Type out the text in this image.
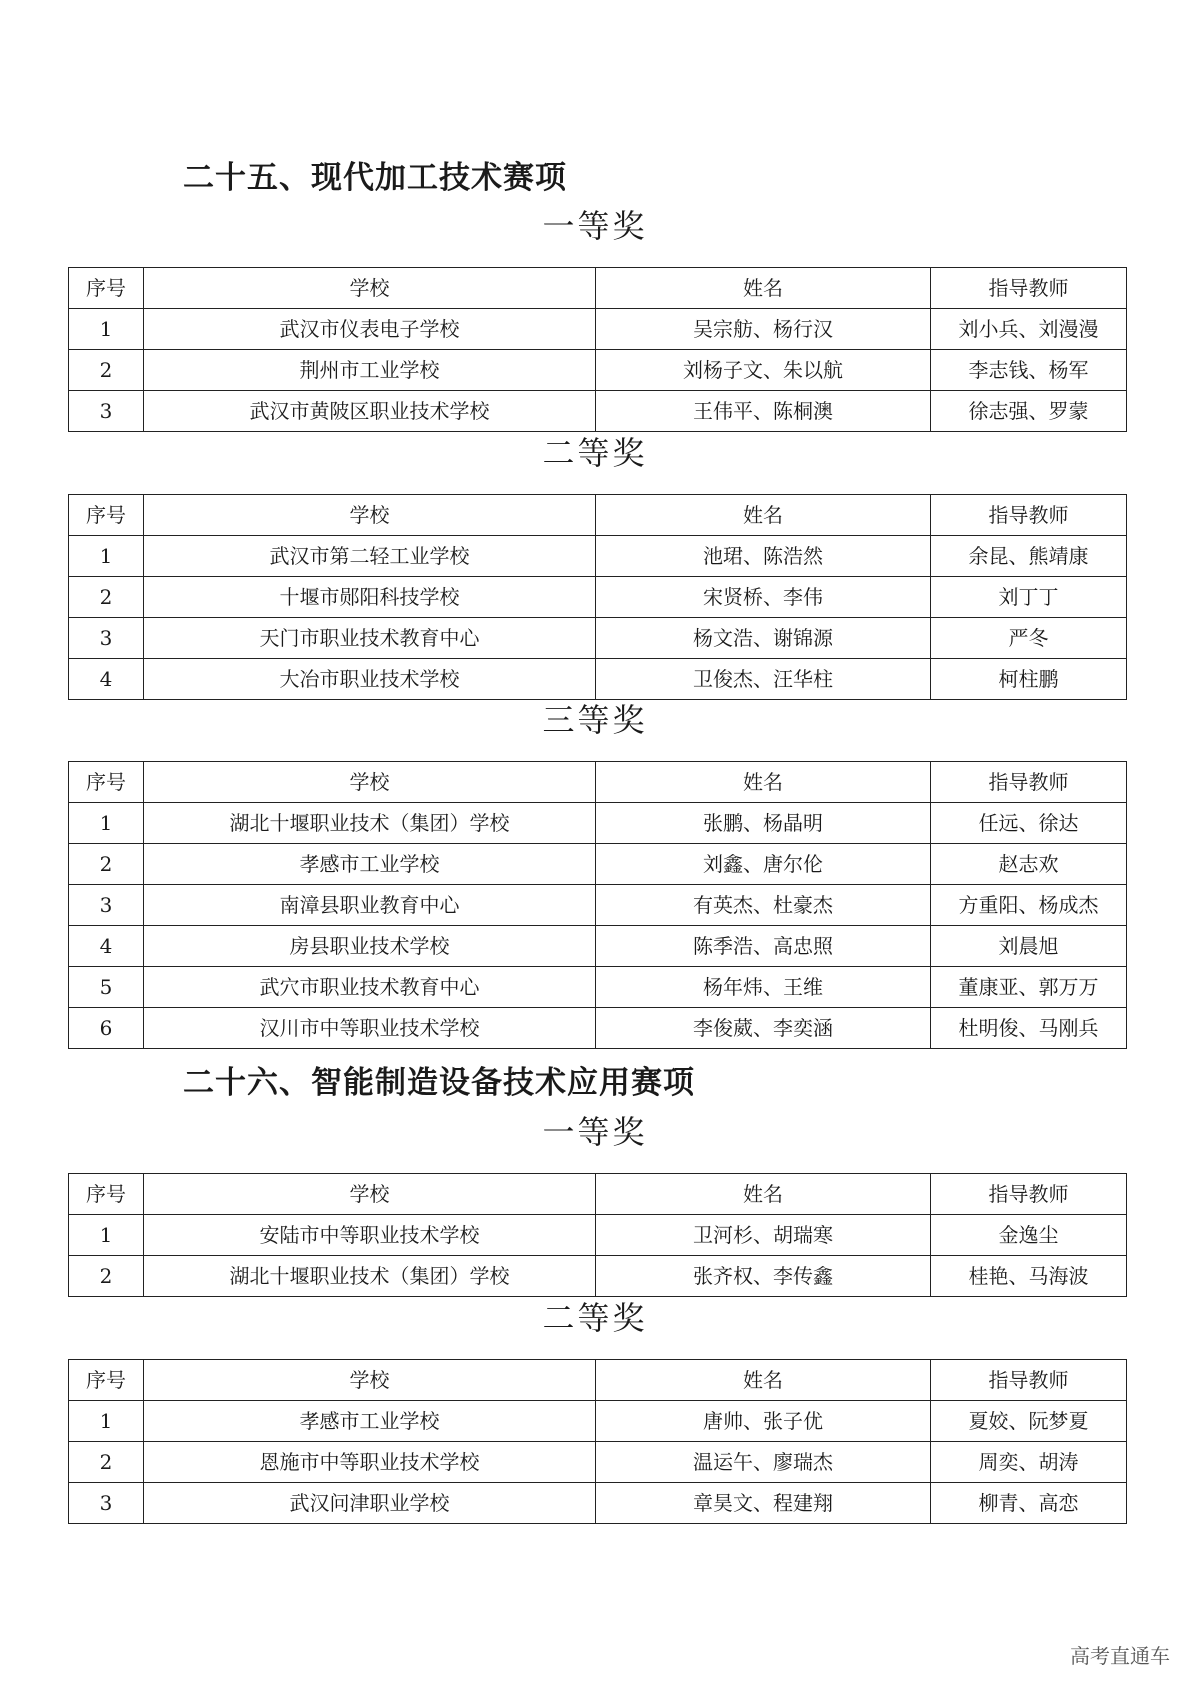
二十五、现代加工技术赛项
一等奖
序号	学校	姓名	指导教师
1	武汉市仪表电子学校	吴宗舫、杨行汉	刘小兵、刘漫漫
2	荆州市工业学校	刘杨子文、朱以航	李志钱、杨军
3	武汉市黄陂区职业技术学校	王伟平、陈桐澳	徐志强、罗蒙
二等奖
序号	学校	姓名	指导教师
1	武汉市第二轻工业学校	池珺、陈浩然	余昆、熊靖康
2	十堰市郧阳科技学校	宋贤桥、李伟	刘丁丁
3	天门市职业技术教育中心	杨文浩、谢锦源	严冬
4	大冶市职业技术学校	卫俊杰、汪华柱	柯柱鹏
三等奖
序号	学校	姓名	指导教师
1	湖北十堰职业技术（集团）学校	张鹏、杨晶明	任远、徐达
2	孝感市工业学校	刘鑫、唐尔伦	赵志欢
3	南漳县职业教育中心	有英杰、杜豪杰	方重阳、杨成杰
4	房县职业技术学校	陈季浩、高忠照	刘晨旭
5	武穴市职业技术教育中心	杨年炜、王维	董康亚、郭万万
6	汉川市中等职业技术学校	李俊葳、李奕涵	杜明俊、马刚兵
二十六、智能制造设备技术应用赛项
一等奖
序号	学校	姓名	指导教师
1	安陆市中等职业技术学校	卫河杉、胡瑞寒	金逸尘
2	湖北十堰职业技术（集团）学校	张齐权、李传鑫	桂艳、马海波
二等奖
序号	学校	姓名	指导教师
1	孝感市工业学校	唐帅、张子优	夏姣、阮梦夏
2	恩施市中等职业技术学校	温运午、廖瑞杰	周奕、胡涛
3	武汉问津职业学校	章昊文、程建翔	柳青、高恋
高考直通车
